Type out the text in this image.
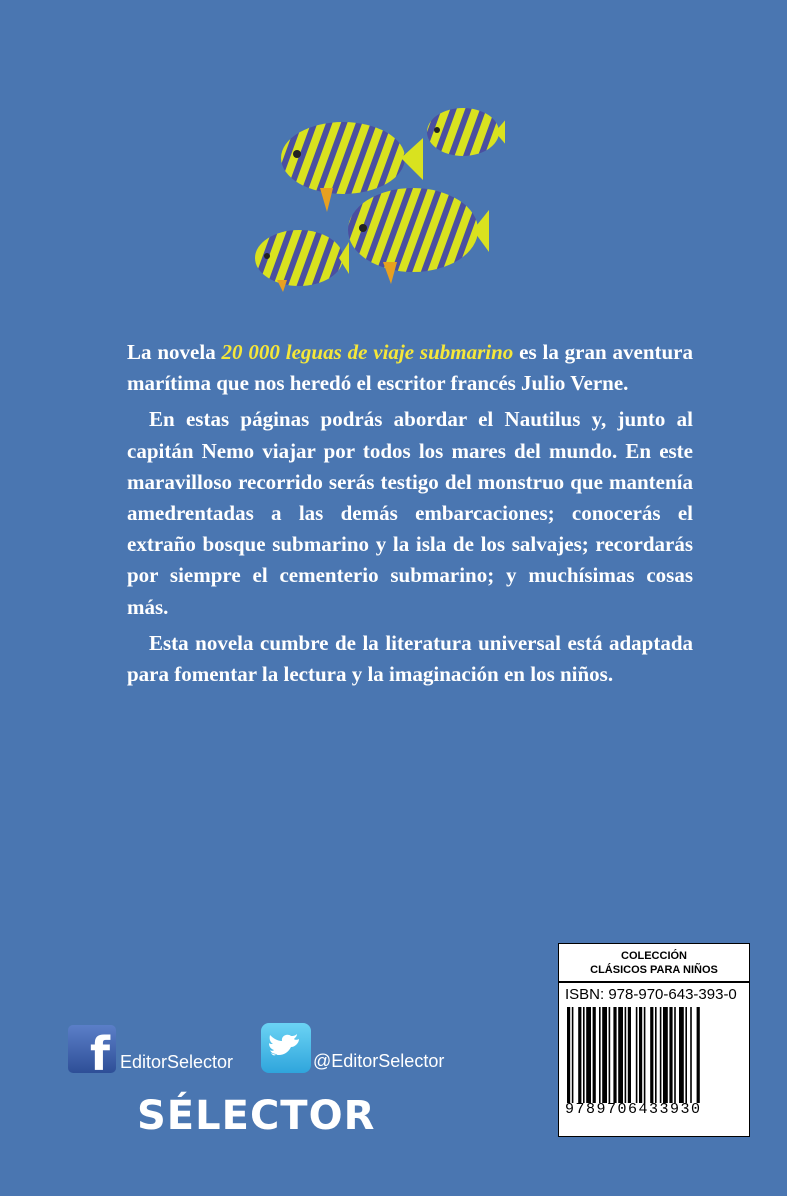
La novela 20 000 leguas de viaje submarino es la gran aventura marítima que nos heredó el escritor francés Julio Verne.

En estas páginas podrás abordar el Nautilus y, junto al capitán Nemo viajar por todos los mares del mundo. En este maravilloso recorrido serás testigo del monstruo que mantenía amedrentadas a las demás embarcaciones; conocerás el extraño bosque submarino y la isla de los salvajes; recordarás por siempre el cementerio submarino; y muchísimas cosas más.

Esta novela cumbre de la literatura universal está adaptada para fomentar la lectura y la imaginación en los niños.

f EditorSelector	@EditorSelector
SÉLECTOR
COLECCIÓN
CLÁSICOS PARA NIÑOS
ISBN: 978-970-643-393-0
9789706433930
